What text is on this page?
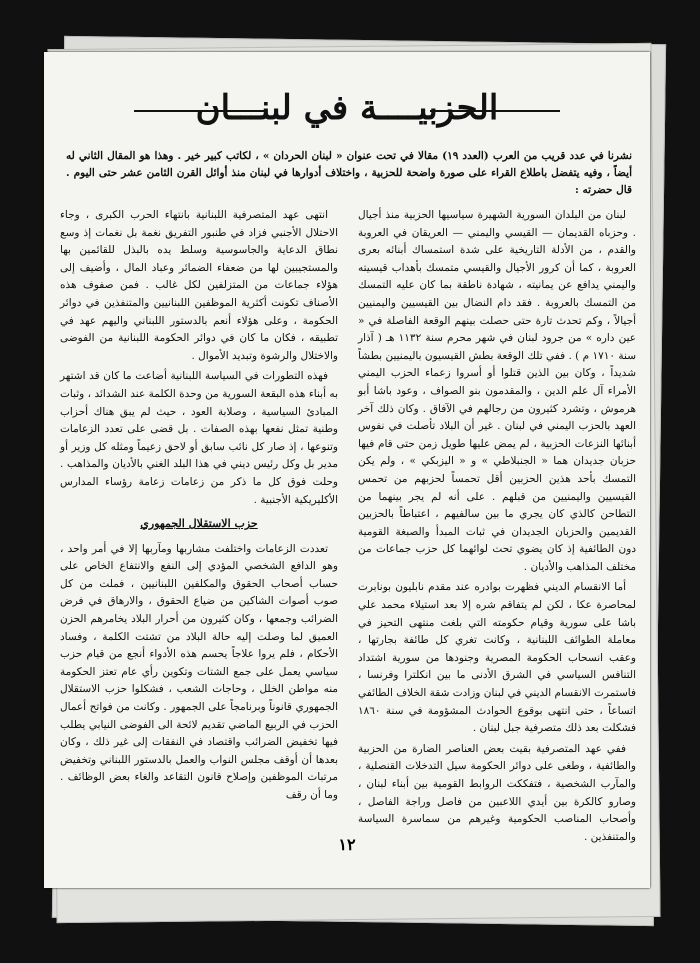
الحزبيــــة في لبنـــان
نشرنا في عدد قريب من العرب (العدد ١٩) مقالا في تحت عنوان « لبنان الحردان » ، لكاتب كبير خير . وهذا هو المقال الثاني له أيضاً ، وفيه يتفضل باطلاع القراء على صورة واضحة للحزبية ، واختلاف أدوارها في لبنان منذ أوائل القرن الثامن عشر حتى اليوم . قال حضرته :

لبنان من البلدان السورية الشهيرة سياسيها الحزبية منذ أجيال . وحزباه القديمان — القيسي واليمني — العريقان في العروبة والقدم ، من الأدلة التاريخية على شدة استمساك أبنائه بعرى العروبة ، كما أن كرور الأجيال والقيسي متمسك بأهداب قيسيته واليمني يدافع عن يمانيته ، شهادة ناطقة بما كان عليه التمسك من التمسك بالعروبة . فقد دام النضال بين القيسيين واليمنيين أجيالاً ، وكم تحدث تارة حتى حصلت بينهم الوقعة الفاصلة في « عين داره » من جرود لبنان في شهر محرم سنة ١١٣٢ هـ ( آذار سنة ١٧١٠ م ) . ففي تلك الوقعة بطش القيسيون باليمنيين بطشاً شديداً ، وكان بين الذين قتلوا أو أسروا زعماء الحزب اليمني الأمراء آل علم الدين ، والمقدمون بنو الصواف ، وعود باشا أبو هرموش ، وتشرد كثيرون من رجالهم في الآفاق . وكان ذلك آخر العهد بالحزب اليمني في لبنان . غير أن البلاد تأصلت في نفوس أبنائها النزعات الحزبية ، لم يمض عليها طويل زمن حتى قام فيها حزبان جديدان هما « الجنبلاطي » و « اليزبكي » ، ولم يكن التمسك بأحد هذين الحزبين أقل تحمساً لحزبهم من تحمس القيسيين واليمنيين من قبلهم . على أنه لم يجر بينهما من التطاحن كالذي كان يجري ما بين سالفيهم ، اعتباطاً بالحزبين القديمين والحزبان الجديدان في ثبات المبدأ والصبغة القومية دون الطائفية إذ كان يضوي تحت لوائهما كل حزب جماعات من مختلف المذاهب والأديان .

أما الانقسام الديني فظهرت بوادره عند مقدم نابليون بونابرت لمحاصرة عكا ، لكن لم يتفاقم شره إلا بعد استيلاء محمد علي باشا على سورية وقيام حكومته التي بلغت منتهى التحيز في معاملة الطوائف اللبنانية ، وكانت تغري كل طائفة بجارتها ، وعقب انسحاب الحكومة المصرية وجنودها من سورية اشتداد التنافس السياسي في الشرق الأدنى ما بين انكلترا وفرنسا ، فاستمرت الانقسام الديني في لبنان وزادت شقة الخلاف الطائفي اتساعاً ، حتى انتهى بوقوع الحوادث المشؤومة في سنة ١٨٦٠ فشكلت بعد ذلك متصرفية جبل لبنان .

ففي عهد المتصرفية بقيت بعض العناصر الضارة من الحزبية والطائفية ، وطغى على دوائر الحكومة سيل التدخلات القنصلية ، والمآرب الشخصية ، فتفككت الروابط القومية بين أبناء لبنان ، وصارو كالكرة بين أيدي اللاعبين من فاصل وراجة الفاصل ، وأصحاب المناصب الحكومية وغيرهم من سماسرة السياسة والمتنفذين .

انتهى عهد المتصرفية اللبنانية بانتهاء الحرب الكبرى ، وجاء الاحتلال الأجنبي فزاد في طنبور التفريق نغمة بل نغمات إذ وسع نطاق الدعاية والجاسوسية وسلط يده بالبذل للقائمين بها والمستجيبين لها من ضعفاء الضمائر وعباد المال ، وأضيف إلى هؤلاء جماعات من المتزلفين لكل غالب . فمن صفوف هذه الأصناف تكونت أكثرية الموظفين اللبنانيين والمتنفذين في دوائر الحكومة ، وعلى هؤلاء أنعم بالدستور اللبناني واليهم عهد في تطبيقه ، فكان ما كان في دوائر الحكومة اللبنانية من الفوضى والاختلال والرشوة وتبديد الأموال .

فهذه التطورات في السياسة اللبنانية أضاعت ما كان قد اشتهر به أبناء هذه البقعة السورية من وحدة الكلمة عند الشدائد ، وثبات المبادئ السياسية ، وصلابة العود ، حيث لم يبق هناك أحزاب وطنية تمثل نفعها بهذه الصفات . بل قضى على تعدد الزعامات وتنوعها ، إذ صار كل نائب سابق أو لاحق زعيماً ومثله كل وزير أو مدير بل وكل رئيس ديني في هذا البلد الغني بالأديان والمذاهب . وحلت فوق كل ما ذكر من زعامات زعامة رؤساء المدارس الأكليريكية الأجنبية .

حزب الاستقلال الجمهوري

تعددت الزعامات واختلفت مشاربها ومآربها إلا في أمر واحد ، وهو الدافع الشخصي المؤدي إلى النفع والانتفاع الخاص على حساب أصحاب الحقوق والمكلفين اللبنانيين ، فملت من كل صوب أصوات الشاكين من ضياع الحقوق ، والارهاق في فرض الضرائب وجمعها ، وكان كثيرون من أحرار البلاد يخامرهم الحزن العميق لما وصلت إليه حالة البلاد من تشتت الكلمة ، وفساد الأحكام ، فلم يروا علاجاً يحسم هذه الأدواء أنجع من قيام حزب سياسي يعمل على جمع الشتات وتكوين رأي عام تعتز الحكومة منه مواطن الخلل ، وحاجات الشعب ، فشكلوا حزب الاستقلال الجمهوري قانوناً وبرنامجاً على الجمهور . وكانت من فواتح أعمال الحزب في الربيع الماضي تقديم لائحة الى الفوضى النيابي يطلب فيها تخفيض الضرائب واقتصاد في النفقات إلى غير ذلك ، وكان بعدها أن أوقف مجلس النواب والعمل بالدستور اللبناني وتخفيض مرتبات الموظفين وإصلاح قانون التقاعد والغاء بعض الوظائف . وما أن رقف

١٢
